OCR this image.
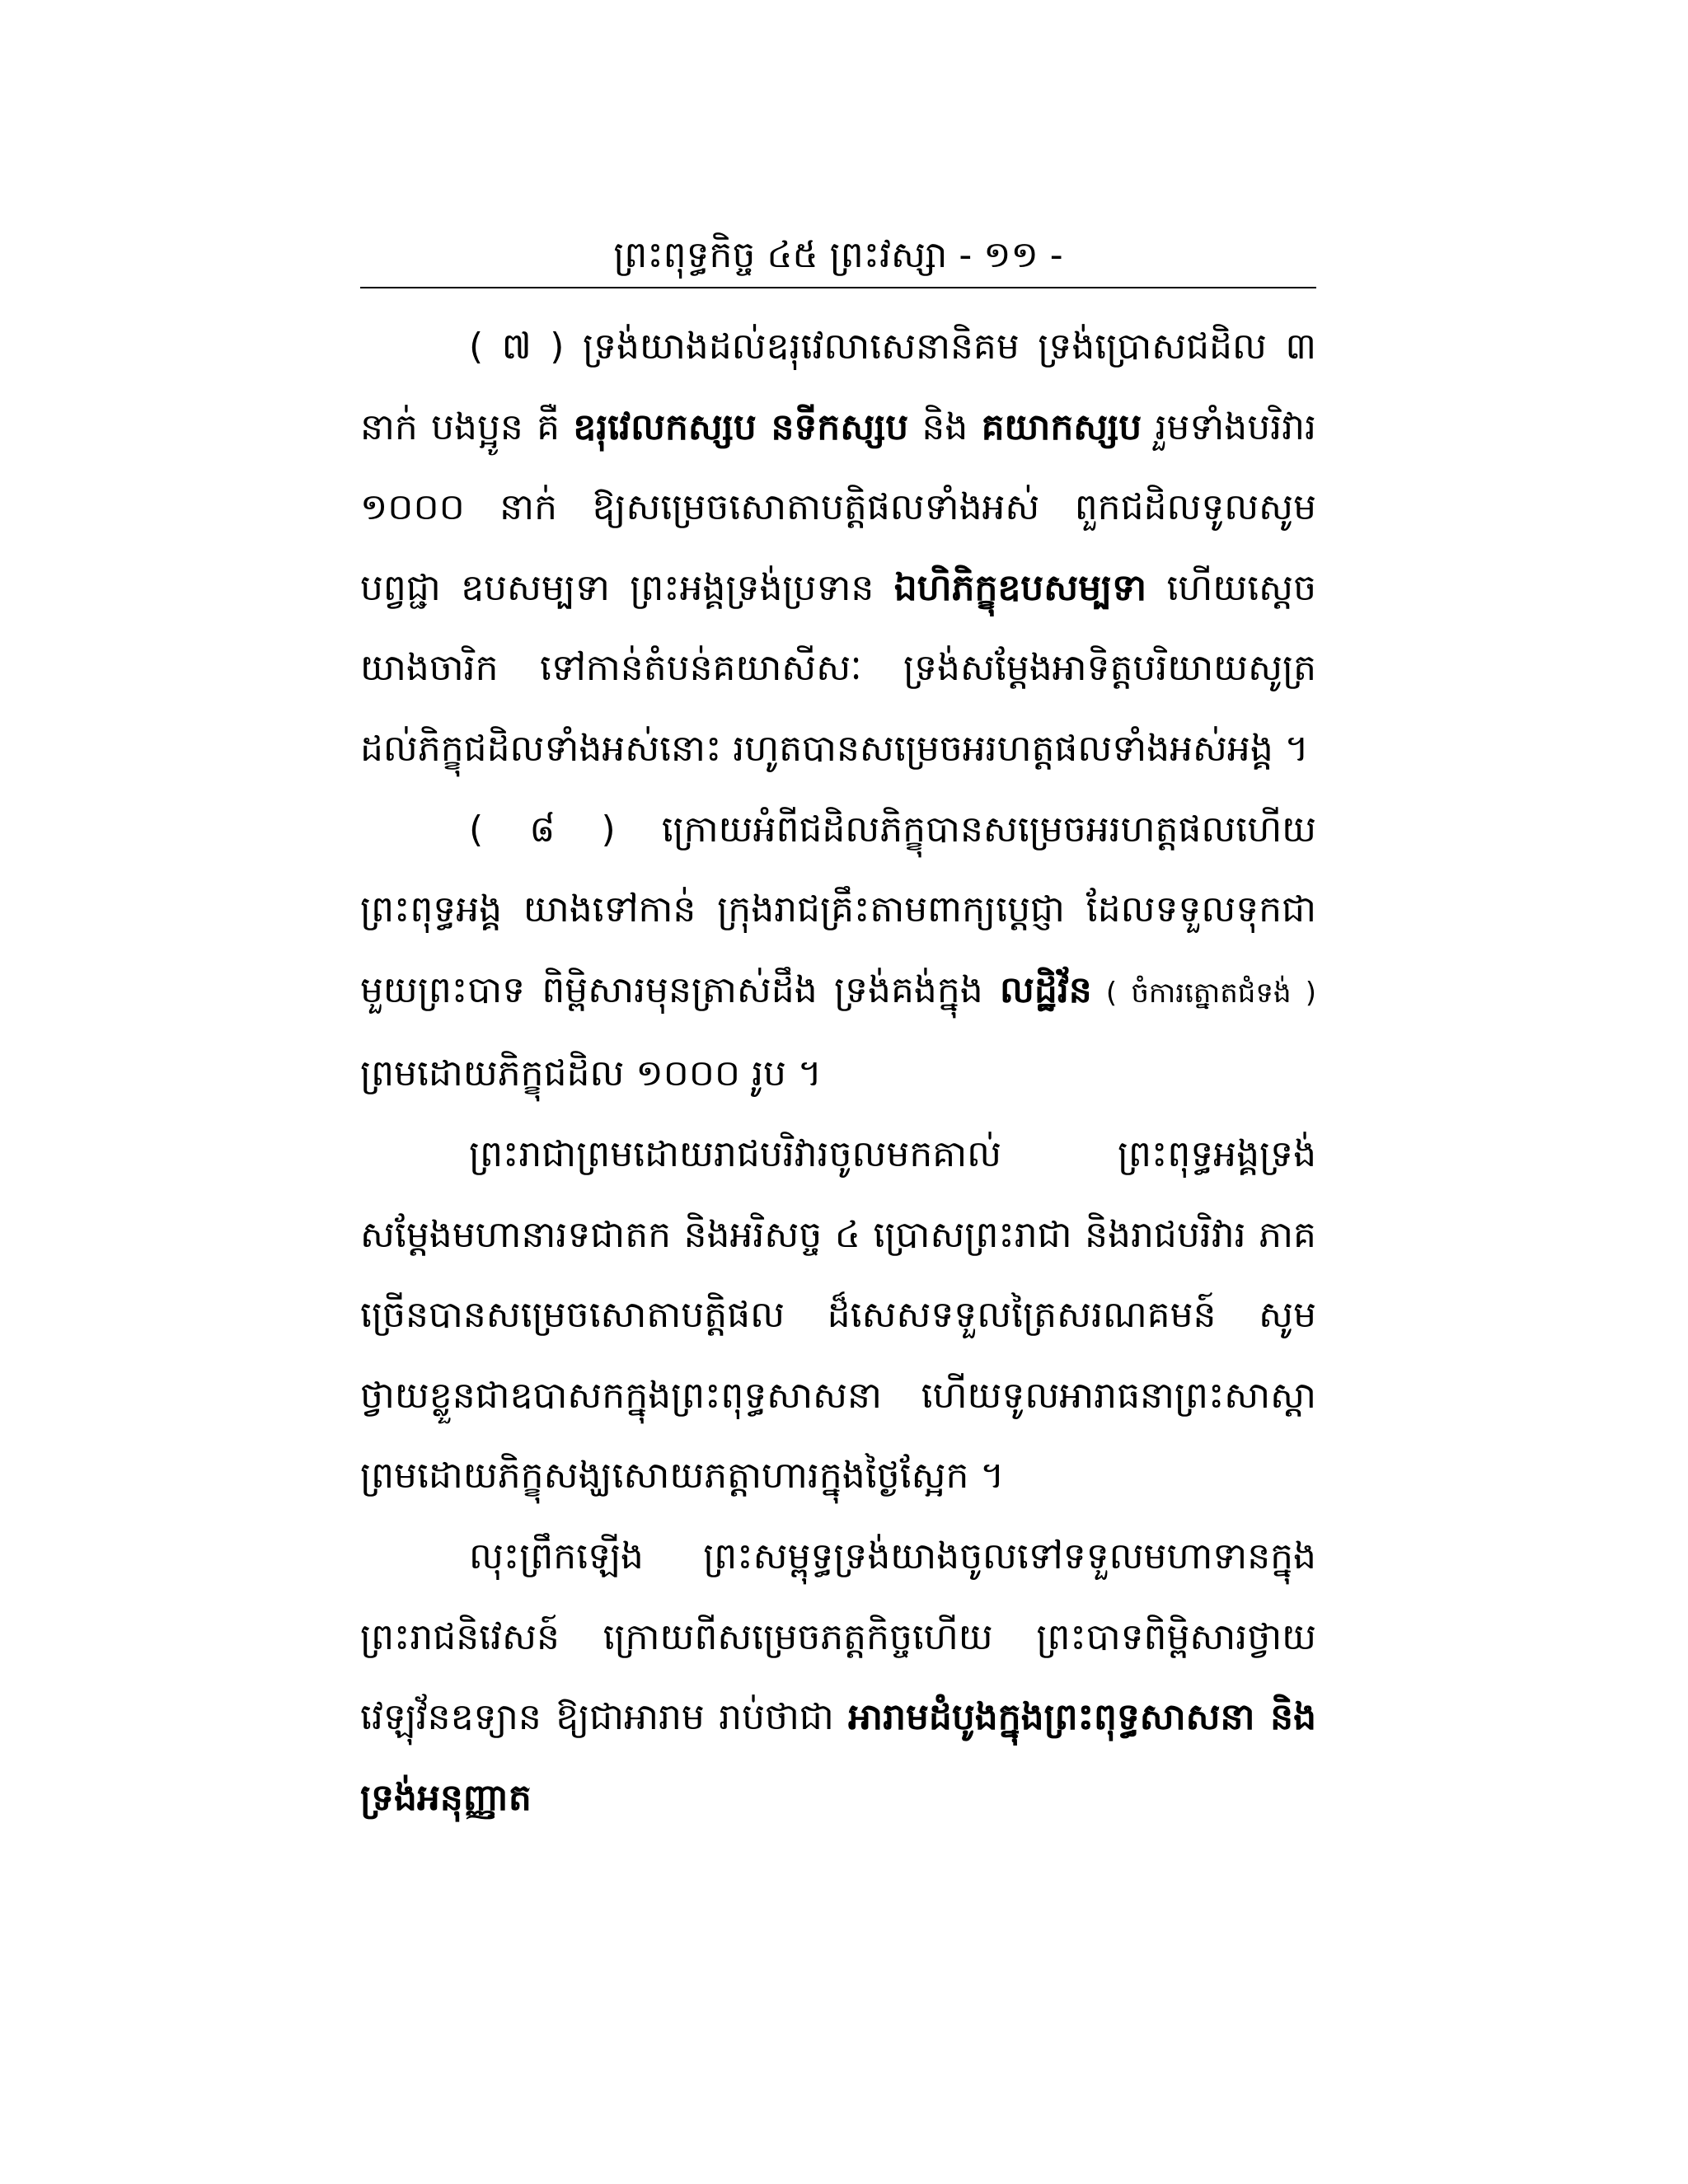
ព្រះពុទ្ធកិច្ច ៤៥ ព្រះវស្សា - ១១ -

( ៧ ) ទ្រង់យាងដល់ឧរុវេលាសេនានិគម ទ្រង់ប្រោសជដិល ៣ នាក់ បងប្អូន គឺ ឧរុវេលកស្សប នទីកស្សប និង គយាកស្សប រួមទាំងបរិវារ ១០០០ នាក់ ឱ្យសម្រេចសោតាបត្តិផលទាំងអស់ ពួកជដិលទូលសូមបព្វជ្ជា ឧបសម្បទា ព្រះអង្គទ្រង់ប្រទាន ឯហិភិក្ខុឧបសម្បទា ហើយស្តេចយាងចារិក ទៅកាន់តំបន់គយាសីសៈ ទ្រង់សម្តែងអាទិត្តបរិយាយសូត្រ ដល់ភិក្ខុជដិលទាំងអស់នោះ រហូតបានសម្រេចអរហត្តផលទាំងអស់អង្គ ។

( ៨ ) ក្រោយអំពីជដិលភិក្ខុបានសម្រេចអរហត្តផលហើយ ព្រះពុទ្ធអង្គ យាងទៅកាន់ ក្រុងរាជគ្រឹះតាមពាក្យប្តេជ្ញា ដែលទទួលទុកជាមួយព្រះបាទ ពិម្ពិសារមុនត្រាស់ដឹង ទ្រង់គង់ក្នុង លដ្ឋិវ័ន ( ចំការត្នោតជំទង់ ) ព្រមដោយភិក្ខុជដិល ១០០០ រូប ។

ព្រះរាជាព្រមដោយរាជបរិវារចូលមកគាល់ ព្រះពុទ្ធអង្គទ្រង់សម្តែងមហានារទជាតក និងអរិសច្ច ៤ ប្រោសព្រះរាជា និងរាជបរិវារ ភាគច្រើនបានសម្រេចសោតាបត្តិផល ដ៏សេសទទួលត្រៃសរណគមន៍ សូមថ្វាយខ្លួនជាឧបាសកក្នុងព្រះពុទ្ធសាសនា ហើយទូលអារាធនាព្រះសាស្តា ព្រមដោយភិក្ខុសង្ឃសោយភត្តាហារក្នុងថ្ងៃស្អែក ។

លុះព្រឹកឡើង ព្រះសម្ពុទ្ធទ្រង់យាងចូលទៅទទួលមហាទានក្នុងព្រះរាជនិវេសន៍ ក្រោយពីសម្រេចភត្តកិច្ចហើយ ព្រះបាទពិម្ពិសារថ្វាយវេឡុវ័នឧទ្យាន ឱ្យជាអារាម រាប់ថាជា អារាមដំបូងក្នុងព្រះពុទ្ធសាសនា និងទ្រង់អនុញ្ញាត
